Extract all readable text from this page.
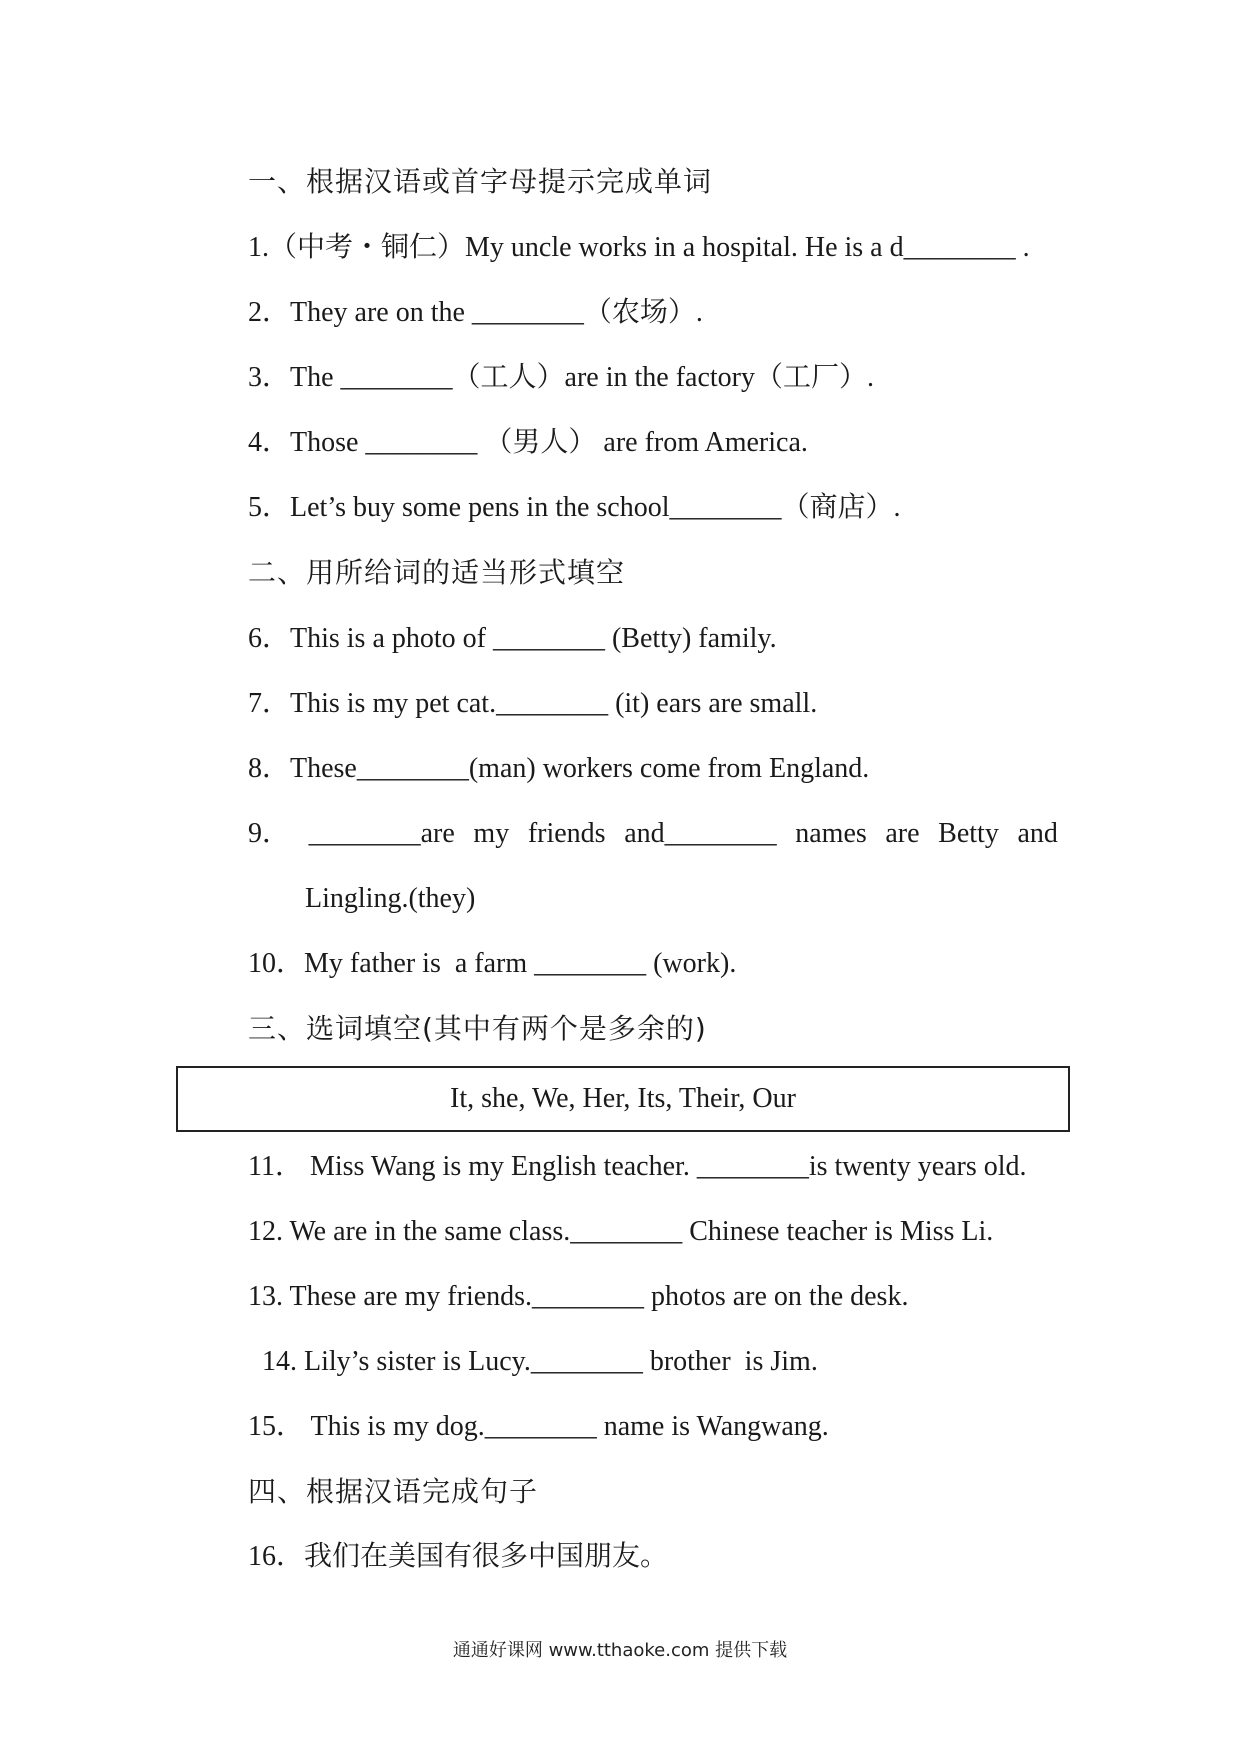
一、根据汉语或首字母提示完成单词
1.（中考・铜仁）My uncle works in a hospital. He is a d________ .
2．They are on the ________（农场）.
3．The ________（工人）are in the factory（工厂）.
4．Those ________ （男人） are from America.
5．Let’s buy some pens in the school________（商店）.
二、用所给词的适当形式填空
6．This is a photo of ________ (Betty) family.
7．This is my pet cat.________ (it) ears are small.
8．These________(man) workers come from England.
9． ________are my friends and________ names are Betty and
Lingling.(they)
10．My father is  a farm ________ (work).
三、选词填空(其中有两个是多余的)
It, she, We, Her, Its, Their, Our
11． Miss Wang is my English teacher. ________is twenty years old.
12. We are in the same class.________ Chinese teacher is Miss Li.
13. These are my friends.________ photos are on the desk.
14. Lily’s sister is Lucy.________ brother  is Jim.
15． This is my dog.________ name is Wangwang.
四、根据汉语完成句子
16．我们在美国有很多中国朋友。
通通好课网 www.tthaoke.com 提供下载
